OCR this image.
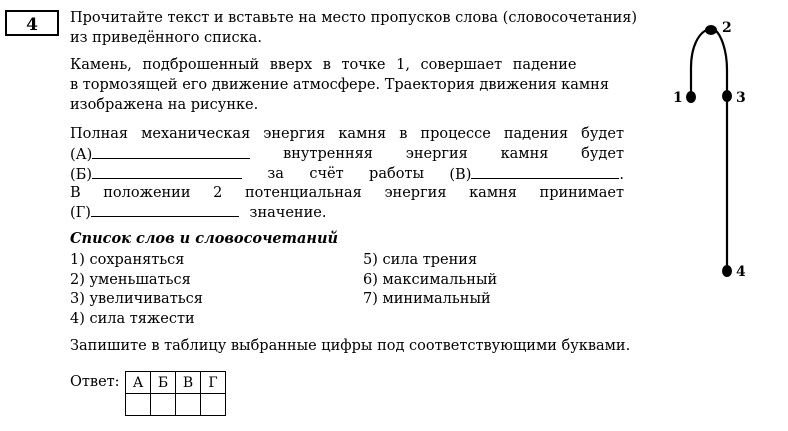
4	Прочитайте текст и вставьте на место пропусков слова (словосочетания)
из приведённого списка.
Камень, подброшенный вверх в точке 1, совершает падение
в тормозящей его движение атмосфере. Траектория движения камня
изображена на рисунке.
Полная механическая энергия камня в процессе падения будет
(А)	внутренняя энергия камня будет
(Б)	за счёт работы (В)	.
В положении 2 потенциальная энергия камня принимает
(Г)	значение.
Список слов и словосочетаний
1) сохраняться
2) уменьшаться
3) увеличиваться
4) сила тяжести
5) сила трения
6) максимальный
7) минимальный
Запишите в таблицу выбранные цифры под соответствующими буквами.
Ответ: А	Б	В	Г

1
2
3
4
